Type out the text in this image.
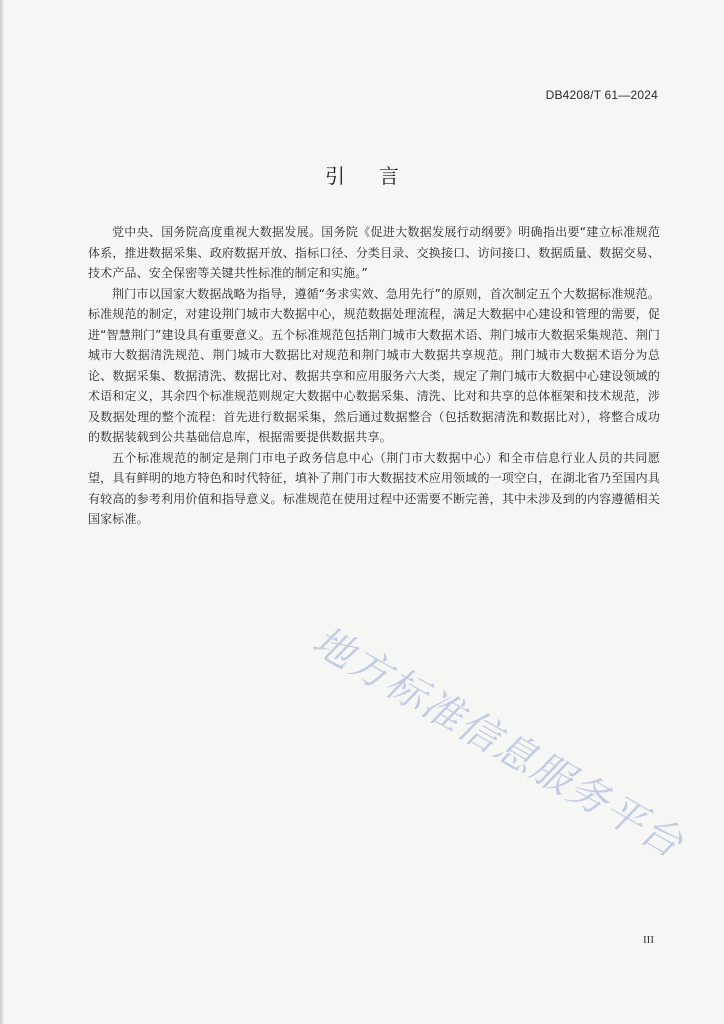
DB4208/T 61—2024
引言

党中央、国务院高度重视大数据发展。国务院《促进大数据发展行动纲要》明确指出要“建立标准规范体系，推进数据采集、政府数据开放、指标口径、分类目录、交换接口、访问接口、数据质量、数据交易、技术产品、安全保密等关键共性标准的制定和实施。”

荆门市以国家大数据战略为指导，遵循“务求实效、急用先行”的原则，首次制定五个大数据标准规范。标准规范的制定，对建设荆门城市大数据中心，规范数据处理流程，满足大数据中心建设和管理的需要，促进“智慧荆门”建设具有重要意义。五个标准规范包括荆门城市大数据术语、荆门城市大数据采集规范、荆门城市大数据清洗规范、荆门城市大数据比对规范和荆门城市大数据共享规范。荆门城市大数据术语分为总论、数据采集、数据清洗、数据比对、数据共享和应用服务六大类，规定了荆门城市大数据中心建设领域的术语和定义，其余四个标准规范则规定大数据中心数据采集、清洗、比对和共享的总体框架和技术规范，涉及数据处理的整个流程：首先进行数据采集，然后通过数据整合（包括数据清洗和数据比对），将整合成功的数据装载到公共基础信息库，根据需要提供数据共享。

五个标准规范的制定是荆门市电子政务信息中心（荆门市大数据中心）和全市信息行业人员的共同愿望，具有鲜明的地方特色和时代特征，填补了荆门市大数据技术应用领域的一项空白，在湖北省乃至国内具有较高的参考利用价值和指导意义。标准规范在使用过程中还需要不断完善，其中未涉及到的内容遵循相关国家标准。

地方标准信息服务平台
III
